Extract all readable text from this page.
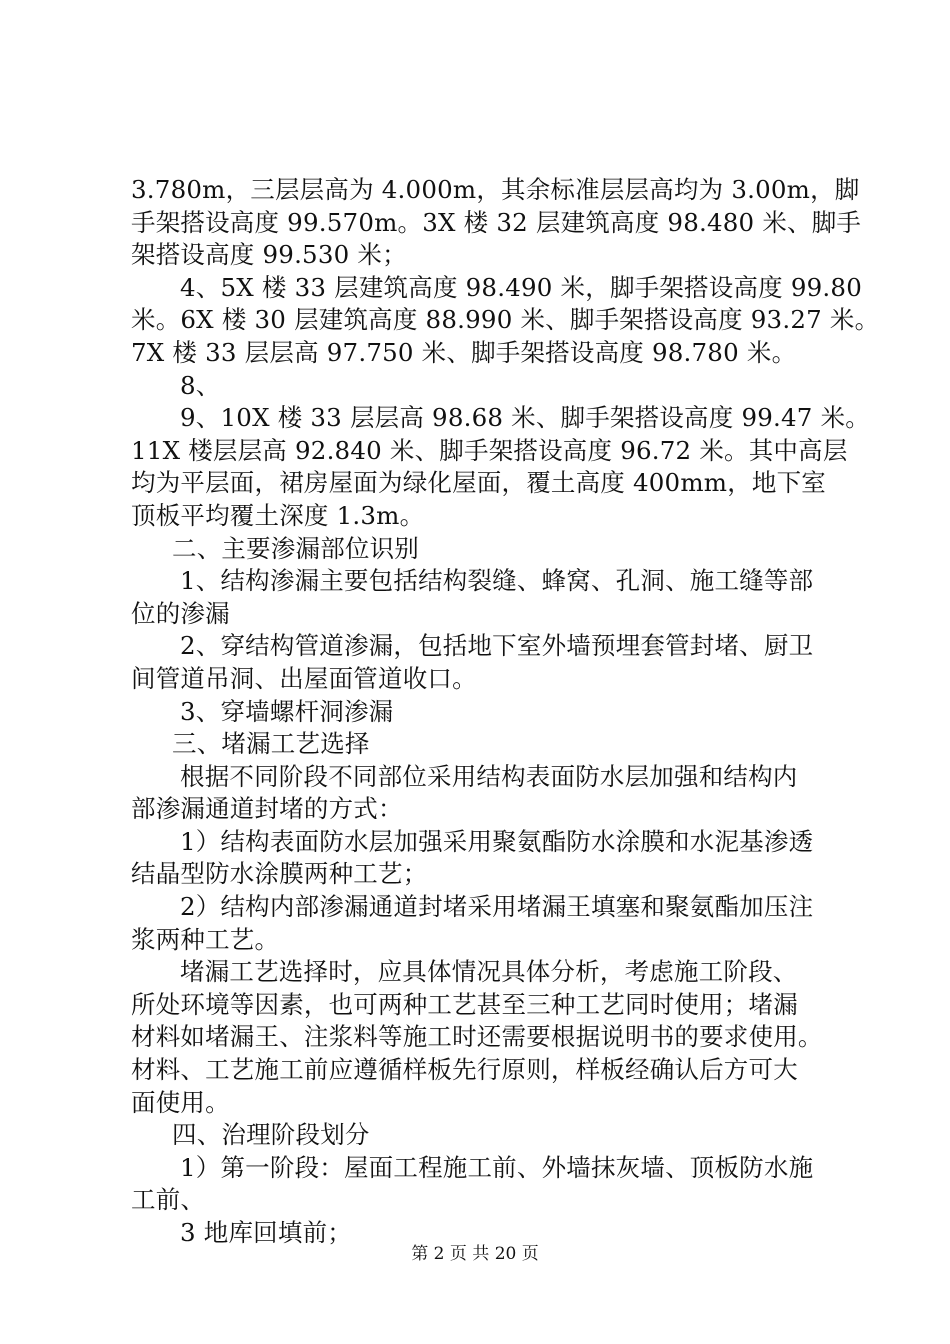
3.780m，三层层高为 4.000m，其余标准层层高均为 3.00m，脚
手架搭设高度 99.570m。3X 楼 32 层建筑高度 98.480 米、脚手
架搭设高度 99.530 米；
4、5X 楼 33 层建筑高度 98.490 米，脚手架搭设高度 99.80
米。6X 楼 30 层建筑高度 88.990 米、脚手架搭设高度 93.27 米。
7X 楼 33 层层高 97.750 米、脚手架搭设高度 98.780 米。
8、
9、10X 楼 33 层层高 98.68 米、脚手架搭设高度 99.47 米。
11X 楼层层高 92.840 米、脚手架搭设高度 96.72 米。其中高层
均为平层面，裙房屋面为绿化屋面，覆土高度 400mm，地下室
顶板平均覆土深度 1.3m。
二、主要渗漏部位识别
1、结构渗漏主要包括结构裂缝、蜂窝、孔洞、施工缝等部
位的渗漏
2、穿结构管道渗漏，包括地下室外墙预埋套管封堵、厨卫
间管道吊洞、出屋面管道收口。
3、穿墙螺杆洞渗漏
三、堵漏工艺选择
根据不同阶段不同部位采用结构表面防水层加强和结构内
部渗漏通道封堵的方式：
1）结构表面防水层加强采用聚氨酯防水涂膜和水泥基渗透
结晶型防水涂膜两种工艺；
2）结构内部渗漏通道封堵采用堵漏王填塞和聚氨酯加压注
浆两种工艺。
堵漏工艺选择时，应具体情况具体分析，考虑施工阶段、
所处环境等因素，也可两种工艺甚至三种工艺同时使用；堵漏
材料如堵漏王、注浆料等施工时还需要根据说明书的要求使用。
材料、工艺施工前应遵循样板先行原则，样板经确认后方可大
面使用。
四、治理阶段划分
1）第一阶段：屋面工程施工前、外墙抹灰墙、顶板防水施
工前、
3 地库回填前；
第 2 页 共 20 页
